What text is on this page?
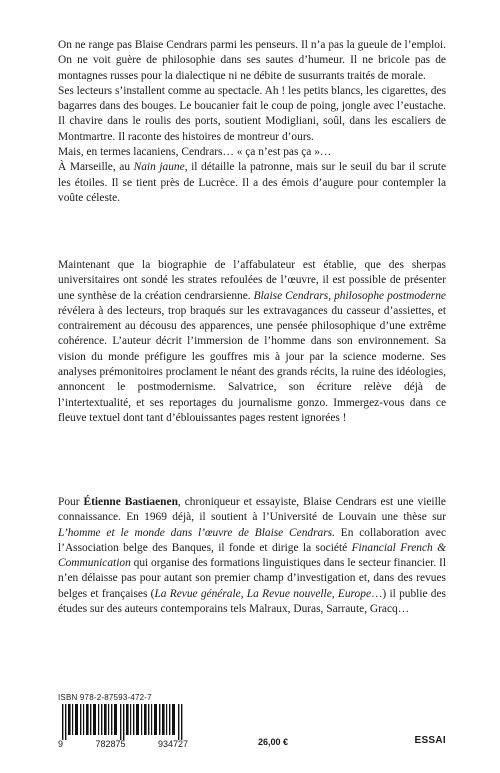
On ne range pas Blaise Cendrars parmi les penseurs. Il n’a pas la gueule de l’emploi. On ne voit guère de philosophie dans ses sautes d’humeur. Il ne bricole pas de montagnes russes pour la dialectique ni ne débite de susurrants traités de morale.

Ses lecteurs s’installent comme au spectacle. Ah ! les petits blancs, les cigarettes, des bagarres dans des bouges. Le boucanier fait le coup de poing, jongle avec l’eustache. Il chavire dans le roulis des ports, soutient Modigliani, soûl, dans les escaliers de Montmartre. Il raconte des histoires de montreur d’ours.

Mais, en termes lacaniens, Cendrars… « ça n’est pas ça »…

À Marseille, au Nain jaune, il détaille la patronne, mais sur le seuil du bar il scrute les étoiles. Il se tient près de Lucrèce. Il a des émois d’augure pour contempler la voûte céleste.

Maintenant que la biographie de l’affabulateur est établie, que des sherpas universitaires ont sondé les strates refoulées de l’œuvre, il est possible de présenter une synthèse de la création cendrarsienne. Blaise Cendrars, philosophe postmoderne révélera à des lecteurs, trop braqués sur les extravagances du casseur d’assiettes, et contrairement au décousu des apparences, une pensée philosophique d’une extrême cohérence. L’auteur décrit l’immersion de l’homme dans son environnement. Sa vision du monde préfigure les gouffres mis à jour par la science moderne. Ses analyses prémonitoires proclament le néant des grands récits, la ruine des idéologies, annoncent le postmodernisme. Salvatrice, son écriture relève déjà de l’intertextualité, et ses reportages du journalisme gonzo. Immergez-vous dans ce fleuve textuel dont tant d’éblouissantes pages restent ignorées !

Pour Étienne Bastiaenen, chroniqueur et essayiste, Blaise Cendrars est une vieille connaissance. En 1969 déjà, il soutient à l’Université de Louvain une thèse sur L’homme et le monde dans l’œuvre de Blaise Cendrars. En collaboration avec l’Association belge des Banques, il fonde et dirige la société Financial French & Communication qui organise des formations linguistiques dans le secteur financier. Il n’en délaisse pas pour autant son premier champ d’investigation et, dans des revues belges et françaises (La Revue générale, La Revue nouvelle, Europe…) il publie des études sur des auteurs contemporains tels Malraux, Duras, Sarraute, Gracq…

ISBN 978-2-87593-472-7
9	782875	934727	26,00 €	ESSAI
